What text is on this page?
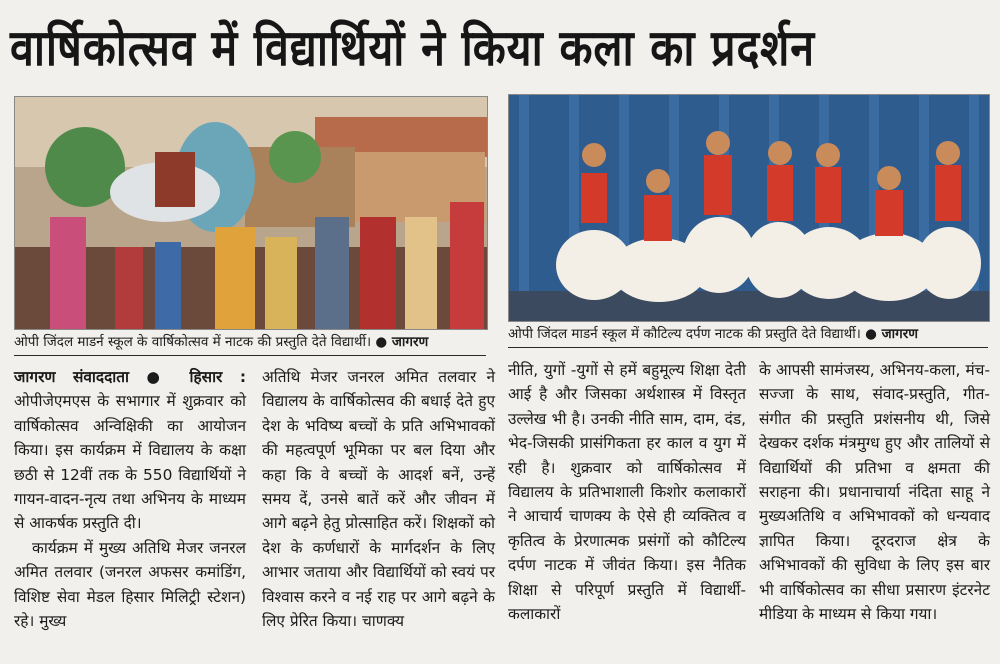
वार्षिकोत्सव में विद्यार्थियों ने किया कला का प्रदर्शन
ओपी जिंदल माडर्न स्कूल के वार्षिकोत्सव में नाटक की प्रस्तुति देते विद्यार्थी। ● जागरण	ओपी जिंदल माडर्न स्कूल में कौटिल्य दर्पण नाटक की प्रस्तुति देते विद्यार्थी। ● जागरण

जागरण संवाददाता ● हिसार : ओपीजेएमएस के सभागार में शुक्रवार को वार्षिकोत्सव अन्विक्षिकी का आयोजन किया। इस कार्यक्रम में विद्यालय के कक्षा छठी से 12वीं तक के 550 विद्यार्थियों ने गायन-वादन-नृत्य तथा अभिनय के माध्यम से आकर्षक प्रस्तुति दी।

कार्यक्रम में मुख्य अतिथि मेजर जनरल अमित तलवार (जनरल अफसर कमांडिंग, विशिष्ट सेवा मेडल हिसार मिलिट्री स्टेशन) रहे। मुख्य

अतिथि मेजर जनरल अमित तलवार ने विद्यालय के वार्षिकोत्सव की बधाई देते हुए देश के भविष्य बच्चों के प्रति अभिभावकों की महत्वपूर्ण भूमिका पर बल दिया और कहा कि वे बच्चों के आदर्श बनें, उन्हें समय दें, उनसे बातें करें और जीवन में आगे बढ़ने हेतु प्रोत्साहित करें। शिक्षकों को देश के कर्णधारों के मार्गदर्शन के लिए आभार जताया और विद्यार्थियों को स्वयं पर विश्वास करने व नई राह पर आगे बढ़ने के लिए प्रेरित किया। चाणक्य

नीति, युगों -युगों से हमें बहुमूल्य शिक्षा देती आई है और जिसका अर्थशास्त्र में विस्तृत उल्लेख भी है। उनकी नीति साम, दाम, दंड, भेद-जिसकी प्रासंगिकता हर काल व युग में रही है। शुक्रवार को वार्षिकोत्सव में विद्यालय के प्रतिभाशाली किशोर कलाकारों ने आचार्य चाणक्य के ऐसे ही व्यक्तित्व व कृतित्व के प्रेरणात्मक प्रसंगों को कौटिल्य दर्पण नाटक में जीवंत किया। इस नैतिक शिक्षा से परिपूर्ण प्रस्तुति में विद्यार्थी-कलाकारों

के आपसी सामंजस्य, अभिनय-कला, मंच-सज्जा के साथ, संवाद-प्रस्तुति, गीत-संगीत की प्रस्तुति प्रशंसनीय थी, जिसे देखकर दर्शक मंत्रमुग्ध हुए और तालियों से विद्यार्थियों की प्रतिभा व क्षमता की सराहना की। प्रधानाचार्या नंदिता साहू ने मुख्यअतिथि व अभिभावकों को धन्यवाद ज्ञापित किया। दूरदराज क्षेत्र के अभिभावकों की सुविधा के लिए इस बार भी वार्षिकोत्सव का सीधा प्रसारण इंटरनेट मीडिया के माध्यम से किया गया।
